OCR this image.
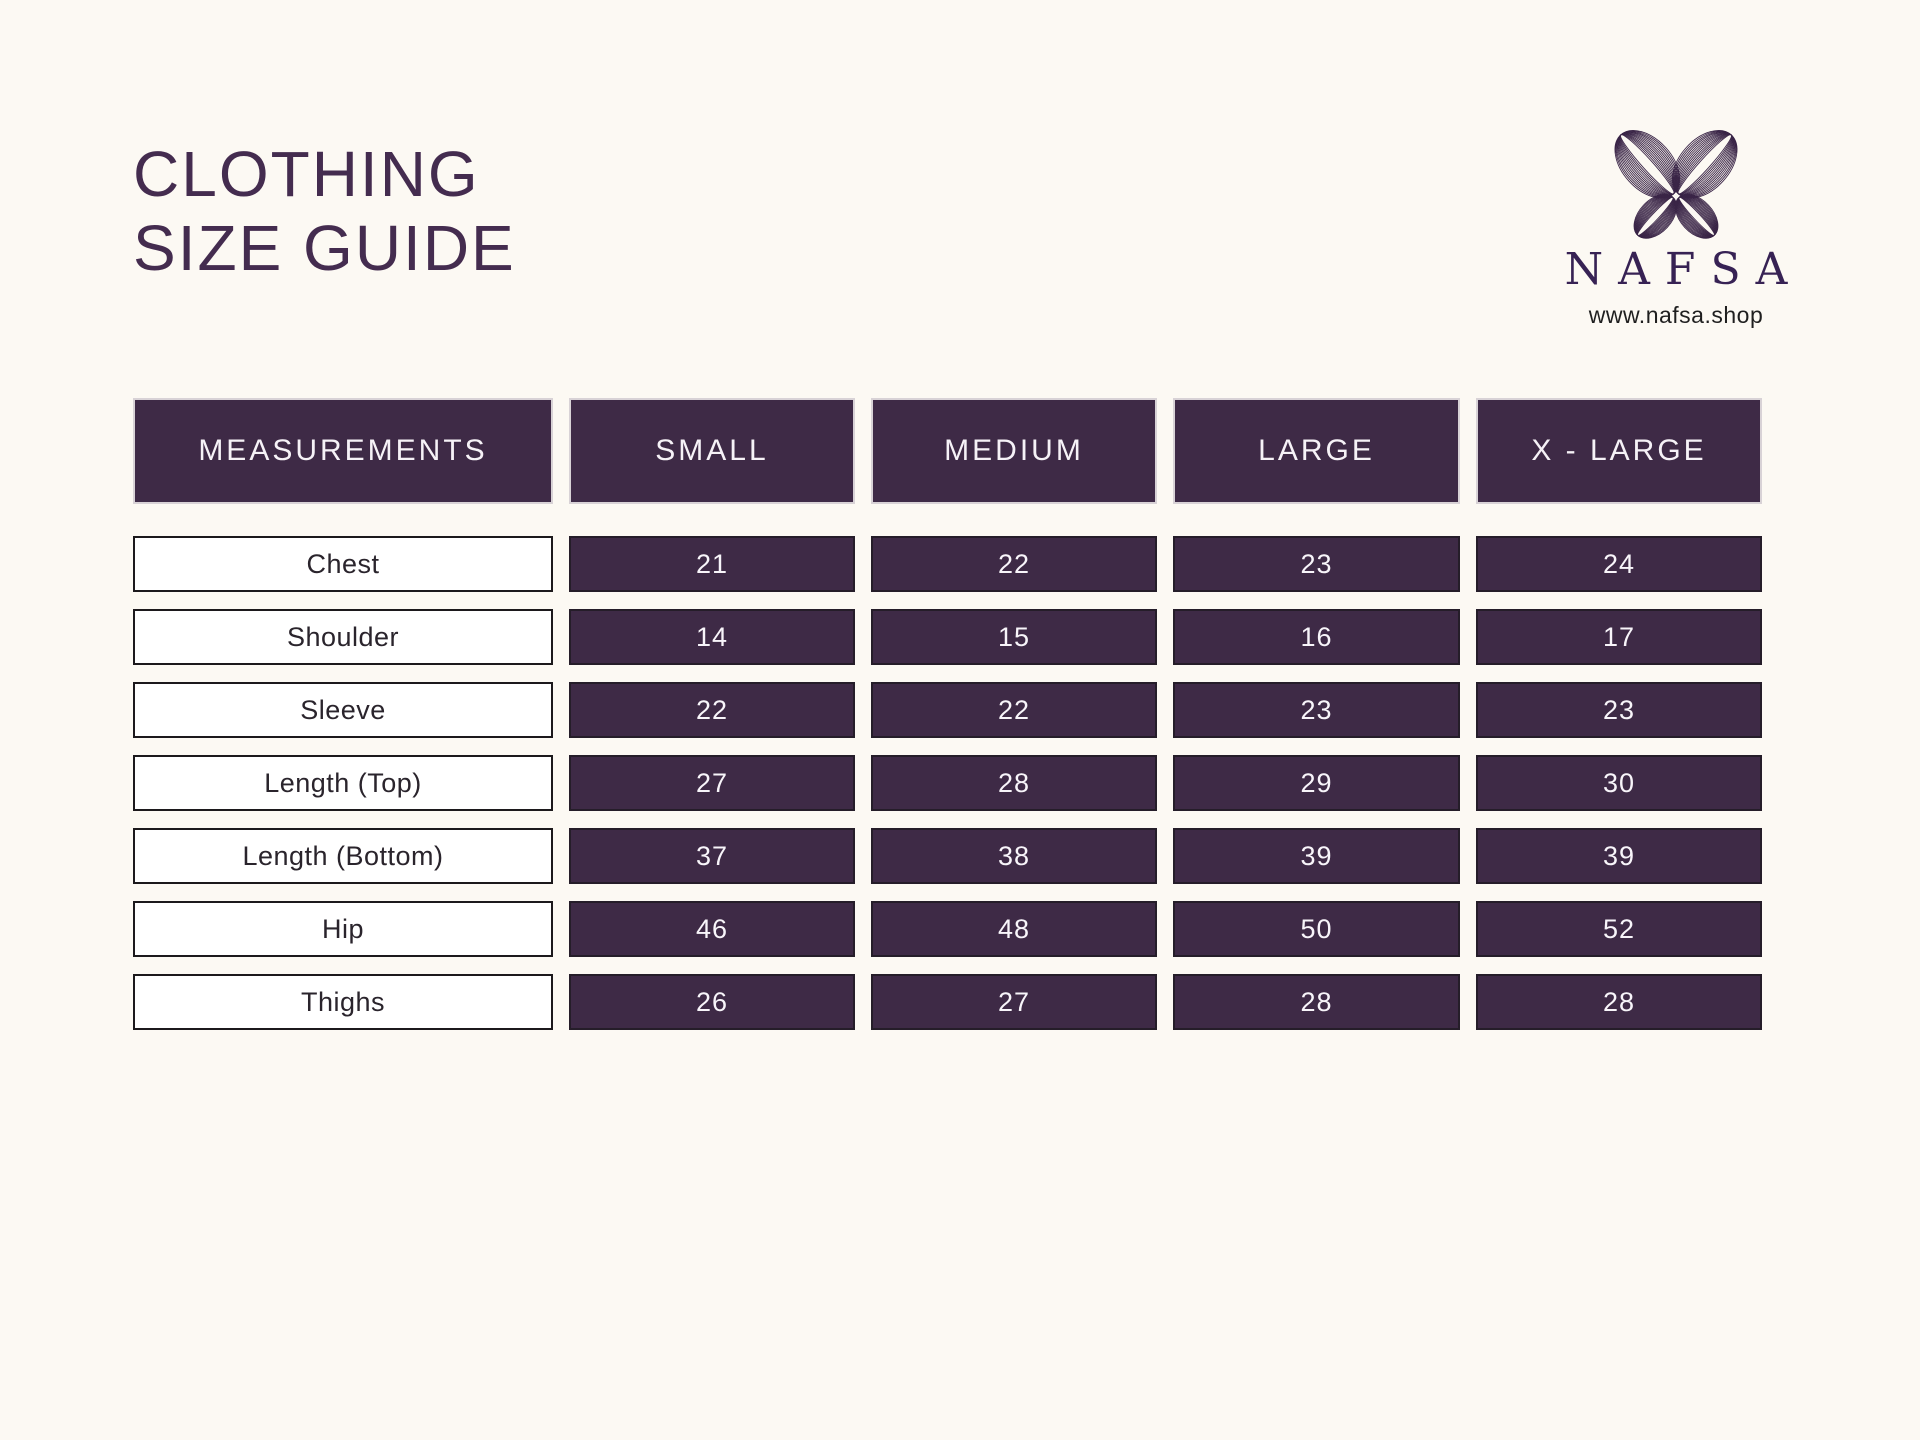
CLOTHING
SIZE GUIDE	NAFSA
www.nafsa.shop
MEASUREMENTS	SMALL	MEDIUM	LARGE	X - LARGE
Chest	21	22	23	24
Shoulder	14	15	16	17
Sleeve	22	22	23	23
Length (Top)	27	28	29	30
Length (Bottom)	37	38	39	39
Hip	46	48	50	52
Thighs	26	27	28	28
